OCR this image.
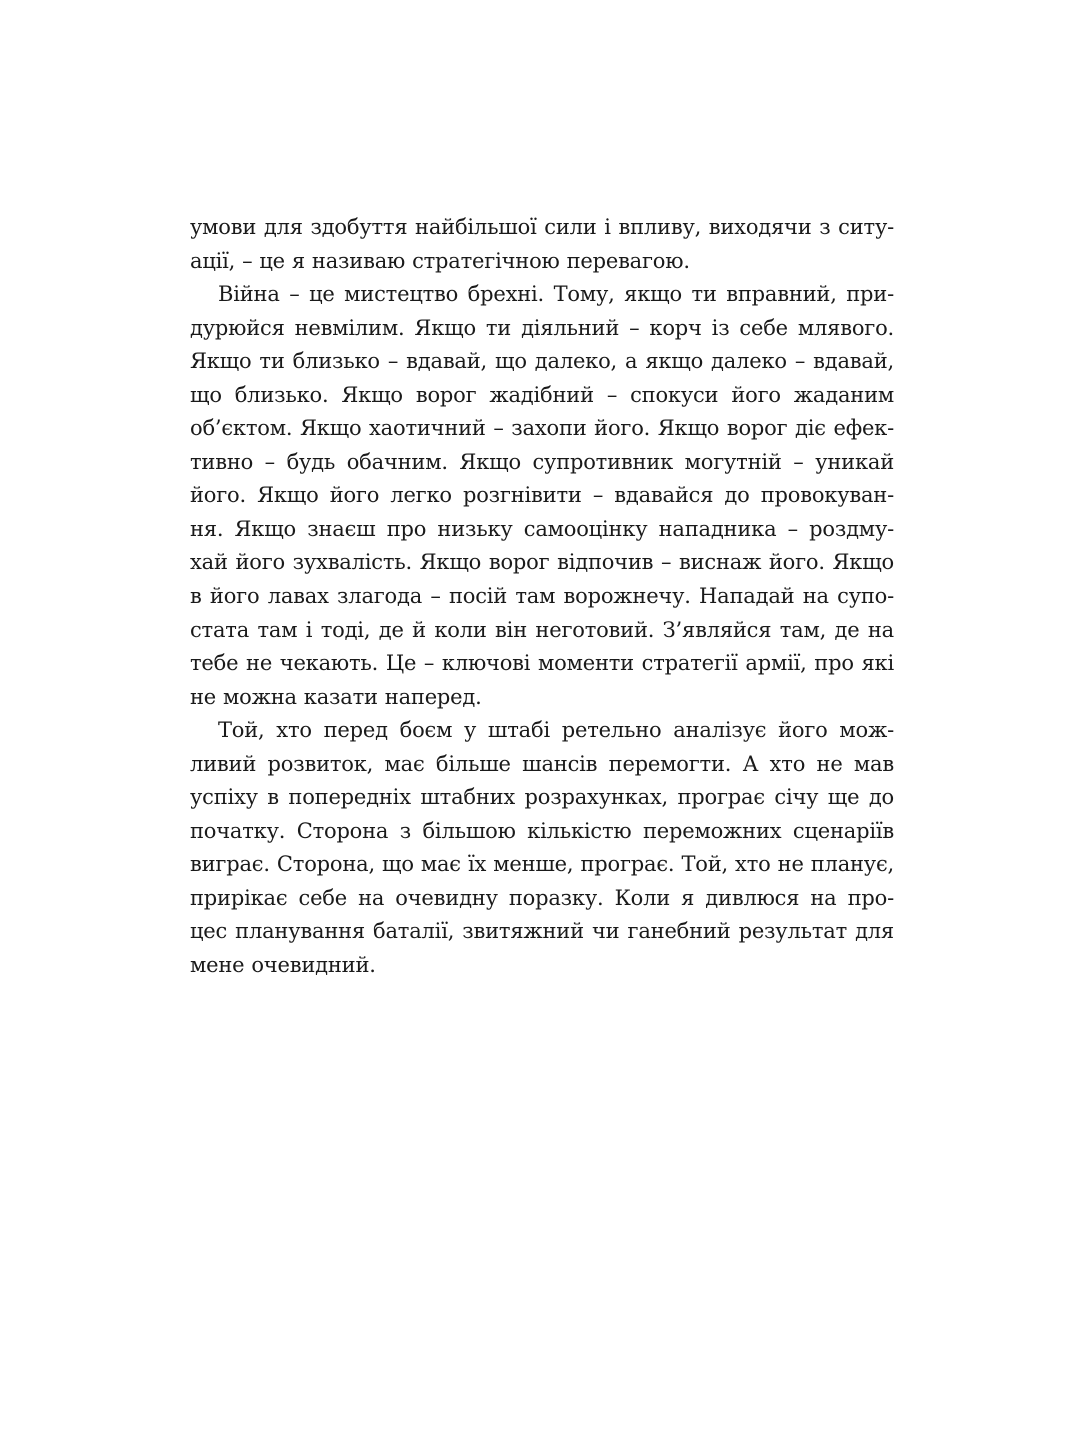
умови для здобуття найбільшої сили і впливу, виходячи з ситу-
ації, – це я називаю стратегічною перевагою.
Війна – це мистецтво брехні. Тому, якщо ти вправний, при-
дурюйся невмілим. Якщо ти діяльний – корч із себе млявого.
Якщо ти близько – вдавай, що далеко, а якщо далеко – вдавай,
що близько. Якщо ворог жадібний – спокуси його жаданим
об’єктом. Якщо хаотичний – захопи його. Якщо ворог діє ефек-
тивно – будь обачним. Якщо супротивник могутній – уникай
його. Якщо його легко розгнівити – вдавайся до провокуван-
ня. Якщо знаєш про низьку самооцінку нападника – роздму-
хай його зухвалість. Якщо ворог відпочив – виснаж його. Якщо
в його лавах злагода – посій там ворожнечу. Нападай на супо-
стата там і тоді, де й коли він неготовий. З’являйся там, де на
тебе не чекають. Це – ключові моменти стратегії армії, про які
не можна казати наперед.
Той, хто перед боєм у штабі ретельно аналізує його мож-
ливий розвиток, має більше шансів перемогти. А хто не мав
успіху в попередніх штабних розрахунках, програє січу ще до
початку. Сторона з більшою кількістю переможних сценаріїв
виграє. Сторона, що має їх менше, програє. Той, хто не планує,
прирікає себе на очевидну поразку. Коли я дивлюся на про-
цес планування баталії, звитяжний чи ганебний результат для
мене очевидний.
